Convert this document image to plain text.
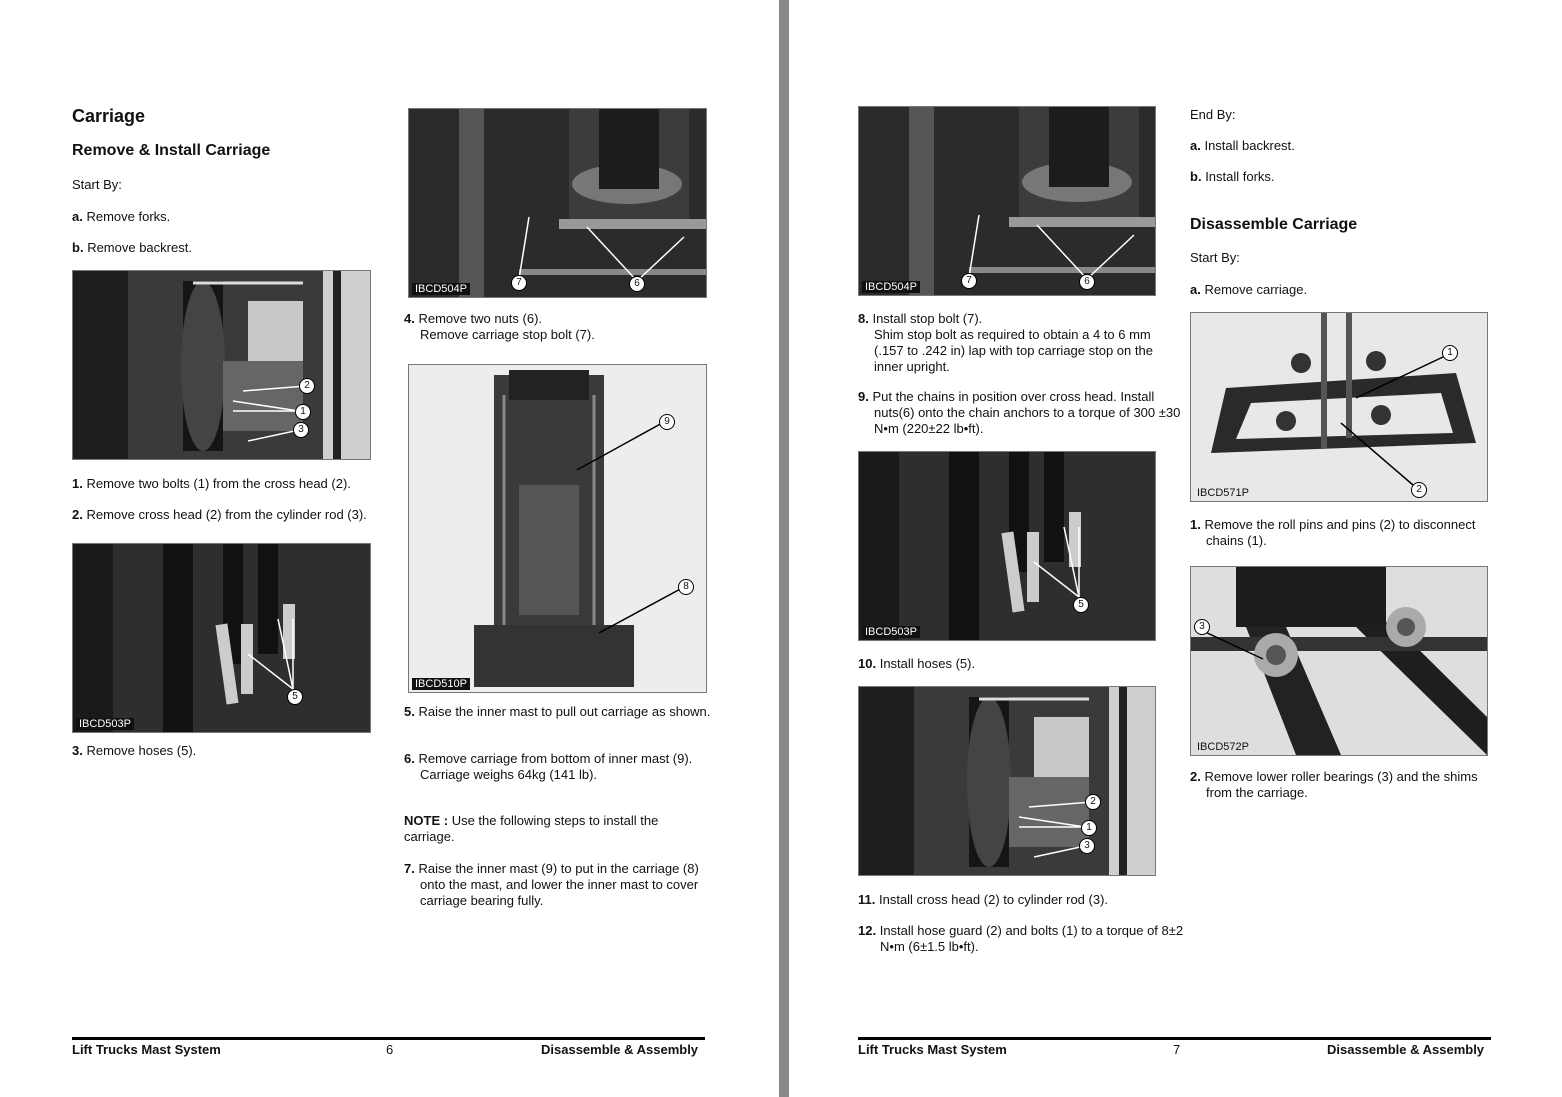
Carriage
Remove & Install Carriage
Start By:
a. Remove forks.
b. Remove backrest.
2
1
3
1. Remove two bolts (1) from the cross head (2).
2. Remove cross head (2) from the cylinder rod (3).
5
IBCD503P
3. Remove hoses (5).
7	6
IBCD504P
4. Remove two nuts (6).
Remove carriage stop bolt (7).
9
8
IBCD510P
5. Raise the inner mast to pull out carriage as shown.
6. Remove carriage from bottom of inner mast (9).
Carriage weighs 64kg (141 lb).
NOTE : Use the following steps to install the carriage.
7. Raise the inner mast (9) to put in the carriage (8) onto the mast, and lower the inner mast to cover carriage bearing fully.
Lift Trucks Mast System	6	Disassemble & Assembly
7	6
IBCD504P
8. Install stop bolt (7).
Shim stop bolt as required to obtain a 4 to 6 mm (.157 to .242 in) lap with top carriage stop on the inner upright.
9. Put the chains in position over cross head. Install nuts(6) onto the chain anchors to a torque of 300 ±30 N•m (220±22 lb•ft).
5
IBCD503P
10. Install hoses (5).
2
1
3
11. Install cross head (2) to cylinder rod (3).
12. Install hose guard (2) and bolts (1) to a torque of 8±2 N•m (6±1.5 lb•ft).
End By:
a. Install backrest.
b. Install forks.
Disassemble Carriage
Start By:
a. Remove carriage.
1
2
IBCD571P
1. Remove the roll pins and pins (2) to disconnect chains (1).
3
IBCD572P
2. Remove lower roller bearings (3) and the shims from the carriage.
Lift Trucks Mast System	7	Disassemble & Assembly
